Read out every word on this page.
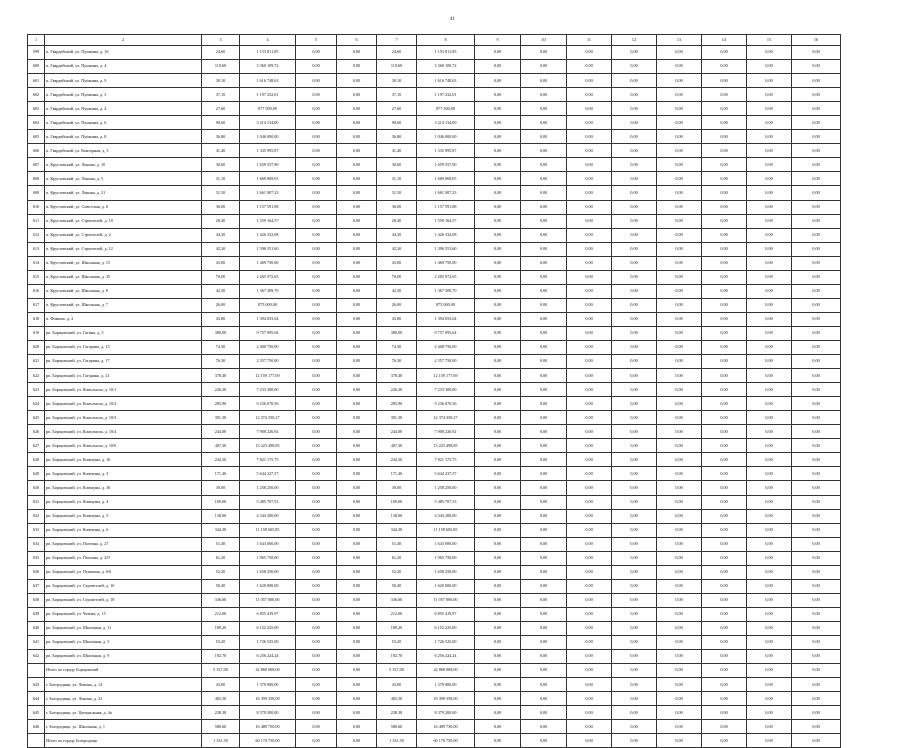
41
1	2	3	4	5	6	7	8	9	10	11	12	13	14	15	16
599	п. Гвардейский, ул. Пушкина, д. 10	24,60	1 153 811,85	0,00	0,00	24,60	1 153 811,85	0,00	0,00	0,00	0,00	0,00	0,00	0,00	0,00
600	п. Гвардейский, ул. Пушкина, д. 4	110,60	3 360 109,72	0,00	0,00	110,60	3 360 109,72	0,00	0,00	0,00	0,00	0,00	0,00	0,00	0,00
601	п. Гвардейский, ул. Пушкина, д. 9	30,10	1 616 748,63	0,00	0,00	30,10	1 616 748,63	0,00	0,00	0,00	0,00	0,00	0,00	0,00	0,00
602	п. Гвардейский, ул. Пушкина, д. 3	37,10	1 197 232,01	0,00	0,00	37,10	1 197 232,01	0,00	0,00	0,00	0,00	0,00	0,00	0,00	0,00
603	п. Гвардейский, ул. Пушкина, д. 4	27,60	877 500,00	0,00	0,00	27,60	877 500,00	0,00	0,00	0,00	0,00	0,00	0,00	0,00	0,00
604	п. Гвардейский, ул. Пушкина, д. 6	99,60	3 214 134,00	0,00	0,00	99,60	3 214 134,00	0,00	0,00	0,00	0,00	0,00	0,00	0,00	0,00
605	п. Гвардейский, ул. Пушкина, д. 8	36,80	1 046 000,00	0,00	0,00	36,80	1 046 000,00	0,00	0,00	0,00	0,00	0,00	0,00	0,00	0,00
606	п. Гвардейский, ул. Конторная, д. 3	41,40	1 335 995,87	0,00	0,00	41,40	1 335 995,87	0,00	0,00	0,00	0,00	0,00	0,00	0,00	0,00
607	п. Кругловский, ул. Ленина, д. 10	30,60	1 659 557,90	0,00	0,00	30,60	1 659 557,90	0,00	0,00	0,00	0,00	0,00	0,00	0,00	0,00
608	п. Кругловский, ул. Ленина, д. 5	31,10	1 669 069,05	0,00	0,00	31,10	1 669 069,05	0,00	0,00	0,00	0,00	0,00	0,00	0,00	0,00
609	п. Кругловский, ул. Ленина, д. 21	31,50	1 661 907,23	0,00	0,00	31,50	1 661 907,23	0,00	0,00	0,00	0,00	0,00	0,00	0,00	0,00
610	п. Кругловский, ул. Советская, д. 6	36,00	1 157 591,88	0,00	0,00	36,00	1 157 591,88	0,00	0,00	0,00	0,00	0,00	0,00	0,00	0,00
611	п. Кругловский, ул. Строителей, д. 10	28,40	1 559 164,57	0,00	0,00	28,40	1 559 164,57	0,00	0,00	0,00	0,00	0,00	0,00	0,00	0,00
612	п. Кругловский, ул. Строителей, д. 2	44,30	1 426 332,08	0,00	0,00	44,30	1 426 332,08	0,00	0,00	0,00	0,00	0,00	0,00	0,00	0,00
613	п. Кругловский, ул. Строителей, д. 12	42,30	1 396 551,60	0,00	0,00	42,30	1 396 551,60	0,00	0,00	0,00	0,00	0,00	0,00	0,00	0,00
614	п. Кругловский, ул. Школьная, д. 15	43,00	1 469 750,00	0,00	0,00	43,00	1 469 750,00	0,00	0,00	0,00	0,00	0,00	0,00	0,00	0,00
615	п. Кругловский, ул. Школьная, д. 35	70,00	2 265 972,65	0,00	0,00	70,00	2 265 972,65	0,00	0,00	0,00	0,00	0,00	0,00	0,00	0,00
616	п. Кругловский, ул. Школьная, д. 8	42,30	1 367 309,70	0,00	0,00	42,30	1 367 309,70	0,00	0,00	0,00	0,00	0,00	0,00	0,00	0,00
617	п. Кругловский, ул. Школьная, д. 7	26,00	875 000,00	0,00	0,00	26,00	875 000,00	0,00	0,00	0,00	0,00	0,00	0,00	0,00	0,00
618	п. Фомино, д. 2	43,80	1 394 053,64	0,00	0,00	43,80	1 394 053,64	0,00	0,00	0,00	0,00	0,00	0,00	0,00	0,00
619	рп. Борщовский, ул. Гагина, д. 3	300,00	9 757 095,64	0,00	0,00	300,00	9 757 095,64	0,00	0,00	0,00	0,00	0,00	0,00	0,00	0,00
620	рп. Борщовский, ул. Гагарина, д. 15	74,30	2 400 750,00	0,00	0,00	74,30	2 400 750,00	0,00	0,00	0,00	0,00	0,00	0,00	0,00	0,00
621	рп. Борщовский, ул. Гагарина, д. 17	76,30	2 357 750,00	0,00	0,00	76,30	2 357 750,00	0,00	0,00	0,00	0,00	0,00	0,00	0,00	0,00
622	рп. Борщовский, ул. Гагарина, д. 21	378,40	12 159 177,69	0,00	0,00	378,40	12 159 177,69	0,00	0,00	0,00	0,00	0,00	0,00	0,00	0,00
623	рп. Борщовский, ул. Комсомола, д. 10/1	226,30	7 233 300,00	0,00	0,00	226,30	7 233 300,00	0,00	0,00	0,00	0,00	0,00	0,00	0,00	0,00
624	рп. Борщовский, ул. Комсомола, д. 10/2	285,90	9 236 670,56	0,00	0,00	285,90	9 236 670,56	0,00	0,00	0,00	0,00	0,00	0,00	0,00	0,00
625	рп. Борщовский, ул. Комсомола, д. 10/3	391,30	12 374 350,27	0,00	0,00	391,30	12 374 350,27	0,00	0,00	0,00	0,00	0,00	0,00	0,00	0,00
626	рп. Борщовский, ул. Комсомола, д. 10/4	244,00	7 908 226,92	0,00	0,00	244,00	7 908 226,92	0,00	0,00	0,00	0,00	0,00	0,00	0,00	0,00
627	рп. Борщовский, ул. Комсомола, д. 10/6	407,30	13 223 498,85	0,00	0,00	407,30	13 223 498,85	0,00	0,00	0,00	0,00	0,00	0,00	0,00	0,00
628	рп. Борщовский, ул. Коммуны, д. 16	244,30	7 821 175,75	0,00	0,00	244,30	7 821 175,75	0,00	0,00	0,00	0,00	0,00	0,00	0,00	0,00
629	рп. Борщовский, ул. Коммуны, д. 3	171,40	5 644 237,57	0,00	0,00	171,40	5 644 237,57	0,00	0,00	0,00	0,00	0,00	0,00	0,00	0,00
630	рп. Борщовский, ул. Коммуны, д. 36	39,00	1 258 250,00	0,00	0,00	39,00	1 258 250,00	0,00	0,00	0,00	0,00	0,00	0,00	0,00	0,00
631	рп. Борщовский, ул. Коммуны, д. 4	169,00	5 485 707,53	0,00	0,00	169,00	5 485 707,53	0,00	0,00	0,00	0,00	0,00	0,00	0,00	0,00
632	рп. Борщовский, ул. Коммуны, д. 5	130,00	4 344 200,00	0,00	0,00	130,00	4 344 200,00	0,00	0,00	0,00	0,00	0,00	0,00	0,00	0,00
633	рп. Борщовский, ул. Коммуны, д. 6	344,30	11 158 605,85	0,00	0,00	344,30	11 158 605,85	0,00	0,00	0,00	0,00	0,00	0,00	0,00	0,00
634	рп. Борщовский, ул. Пахтина, д. 27	51,40	1 643 000,00	0,00	0,00	51,40	1 643 000,00	0,00	0,00	0,00	0,00	0,00	0,00	0,00	0,00
635	рп. Борщовский, ул. Пахтина, д. 2/9	61,20	1 965 750,00	0,00	0,00	61,20	1 965 750,00	0,00	0,00	0,00	0,00	0,00	0,00	0,00	0,00
636	рп. Борщовский, ул. Пушкина, д. 6/6	52,20	1 658 250,00	0,00	0,00	52,20	1 658 250,00	0,00	0,00	0,00	0,00	0,00	0,00	0,00	0,00
637	рп. Борщовский, ул. Строителей, д. 16	50,40	1 620 000,00	0,00	0,00	50,40	1 620 000,00	0,00	0,00	0,00	0,00	0,00	0,00	0,00	0,00
638	рп. Борщовский, ул. Строителей, д. 18	336,60	11 057 000,00	0,00	0,00	336,60	11 057 000,00	0,00	0,00	0,00	0,00	0,00	0,00	0,00	0,00
639	рп. Борщовский, ул. Чехова, д. 15	212,00	6 855 419,97	0,00	0,00	212,00	6 855 419,97	0,00	0,00	0,00	0,00	0,00	0,00	0,00	0,00
640	рп. Борщовский, ул. Школьная, д. 11	189,20	6 152 225,00	0,00	0,00	189,20	6 152 225,00	0,00	0,00	0,00	0,00	0,00	0,00	0,00	0,00
641	рп. Борщовский, ул. Школьная, д. 5	53,20	1 726 525,00	0,00	0,00	53,20	1 726 525,00	0,00	0,00	0,00	0,00	0,00	0,00	0,00	0,00
642	рп. Борщовский, ул. Школьная, д. 9	192,70	6 256 224,24	0,00	0,00	192,70	6 256 224,24	0,00	0,00	0,00	0,00	0,00	0,00	0,00	0,00
	Итого по городу Борщовский	5 337,00	42 868 008,00	0,00	0,00	5 337,00	42 868 008,00	0,00	0,00	0,00	0,00	0,00	0,00	0,00	0,00
643	г. Богородицк, ул. Ленина, д. 14	43,00	1 379 000,00	0,00	0,00	43,00	1 379 000,00	0,00	0,00	0,00	0,00	0,00	0,00	0,00	0,00
644	г. Богородицк, ул. Ленина, д. 21	465,50	16 399 358,00	0,00	0,00	465,50	16 399 358,00	0,00	0,00	0,00	0,00	0,00	0,00	0,00	0,00
645	г. Богородицк, ул. Центральная, д. 4а	238,38	8 379 200,00	0,00	0,00	238,38	8 379 200,00	0,00	0,00	0,00	0,00	0,00	0,00	0,00	0,00
646	г. Богородицк, ул. Школьная, д. 1	580,60	16 489 750,00	0,00	0,00	580,60	16 489 750,00	0,00	0,00	0,00	0,00	0,00	0,00	0,00	0,00
	Итого по городу Богородицк	1 331,50	60 170 750,00	0,00	0,00	1 331,50	60 170 750,00	0,00	0,00	0,00	0,00	0,00	0,00	0,00	0,00
